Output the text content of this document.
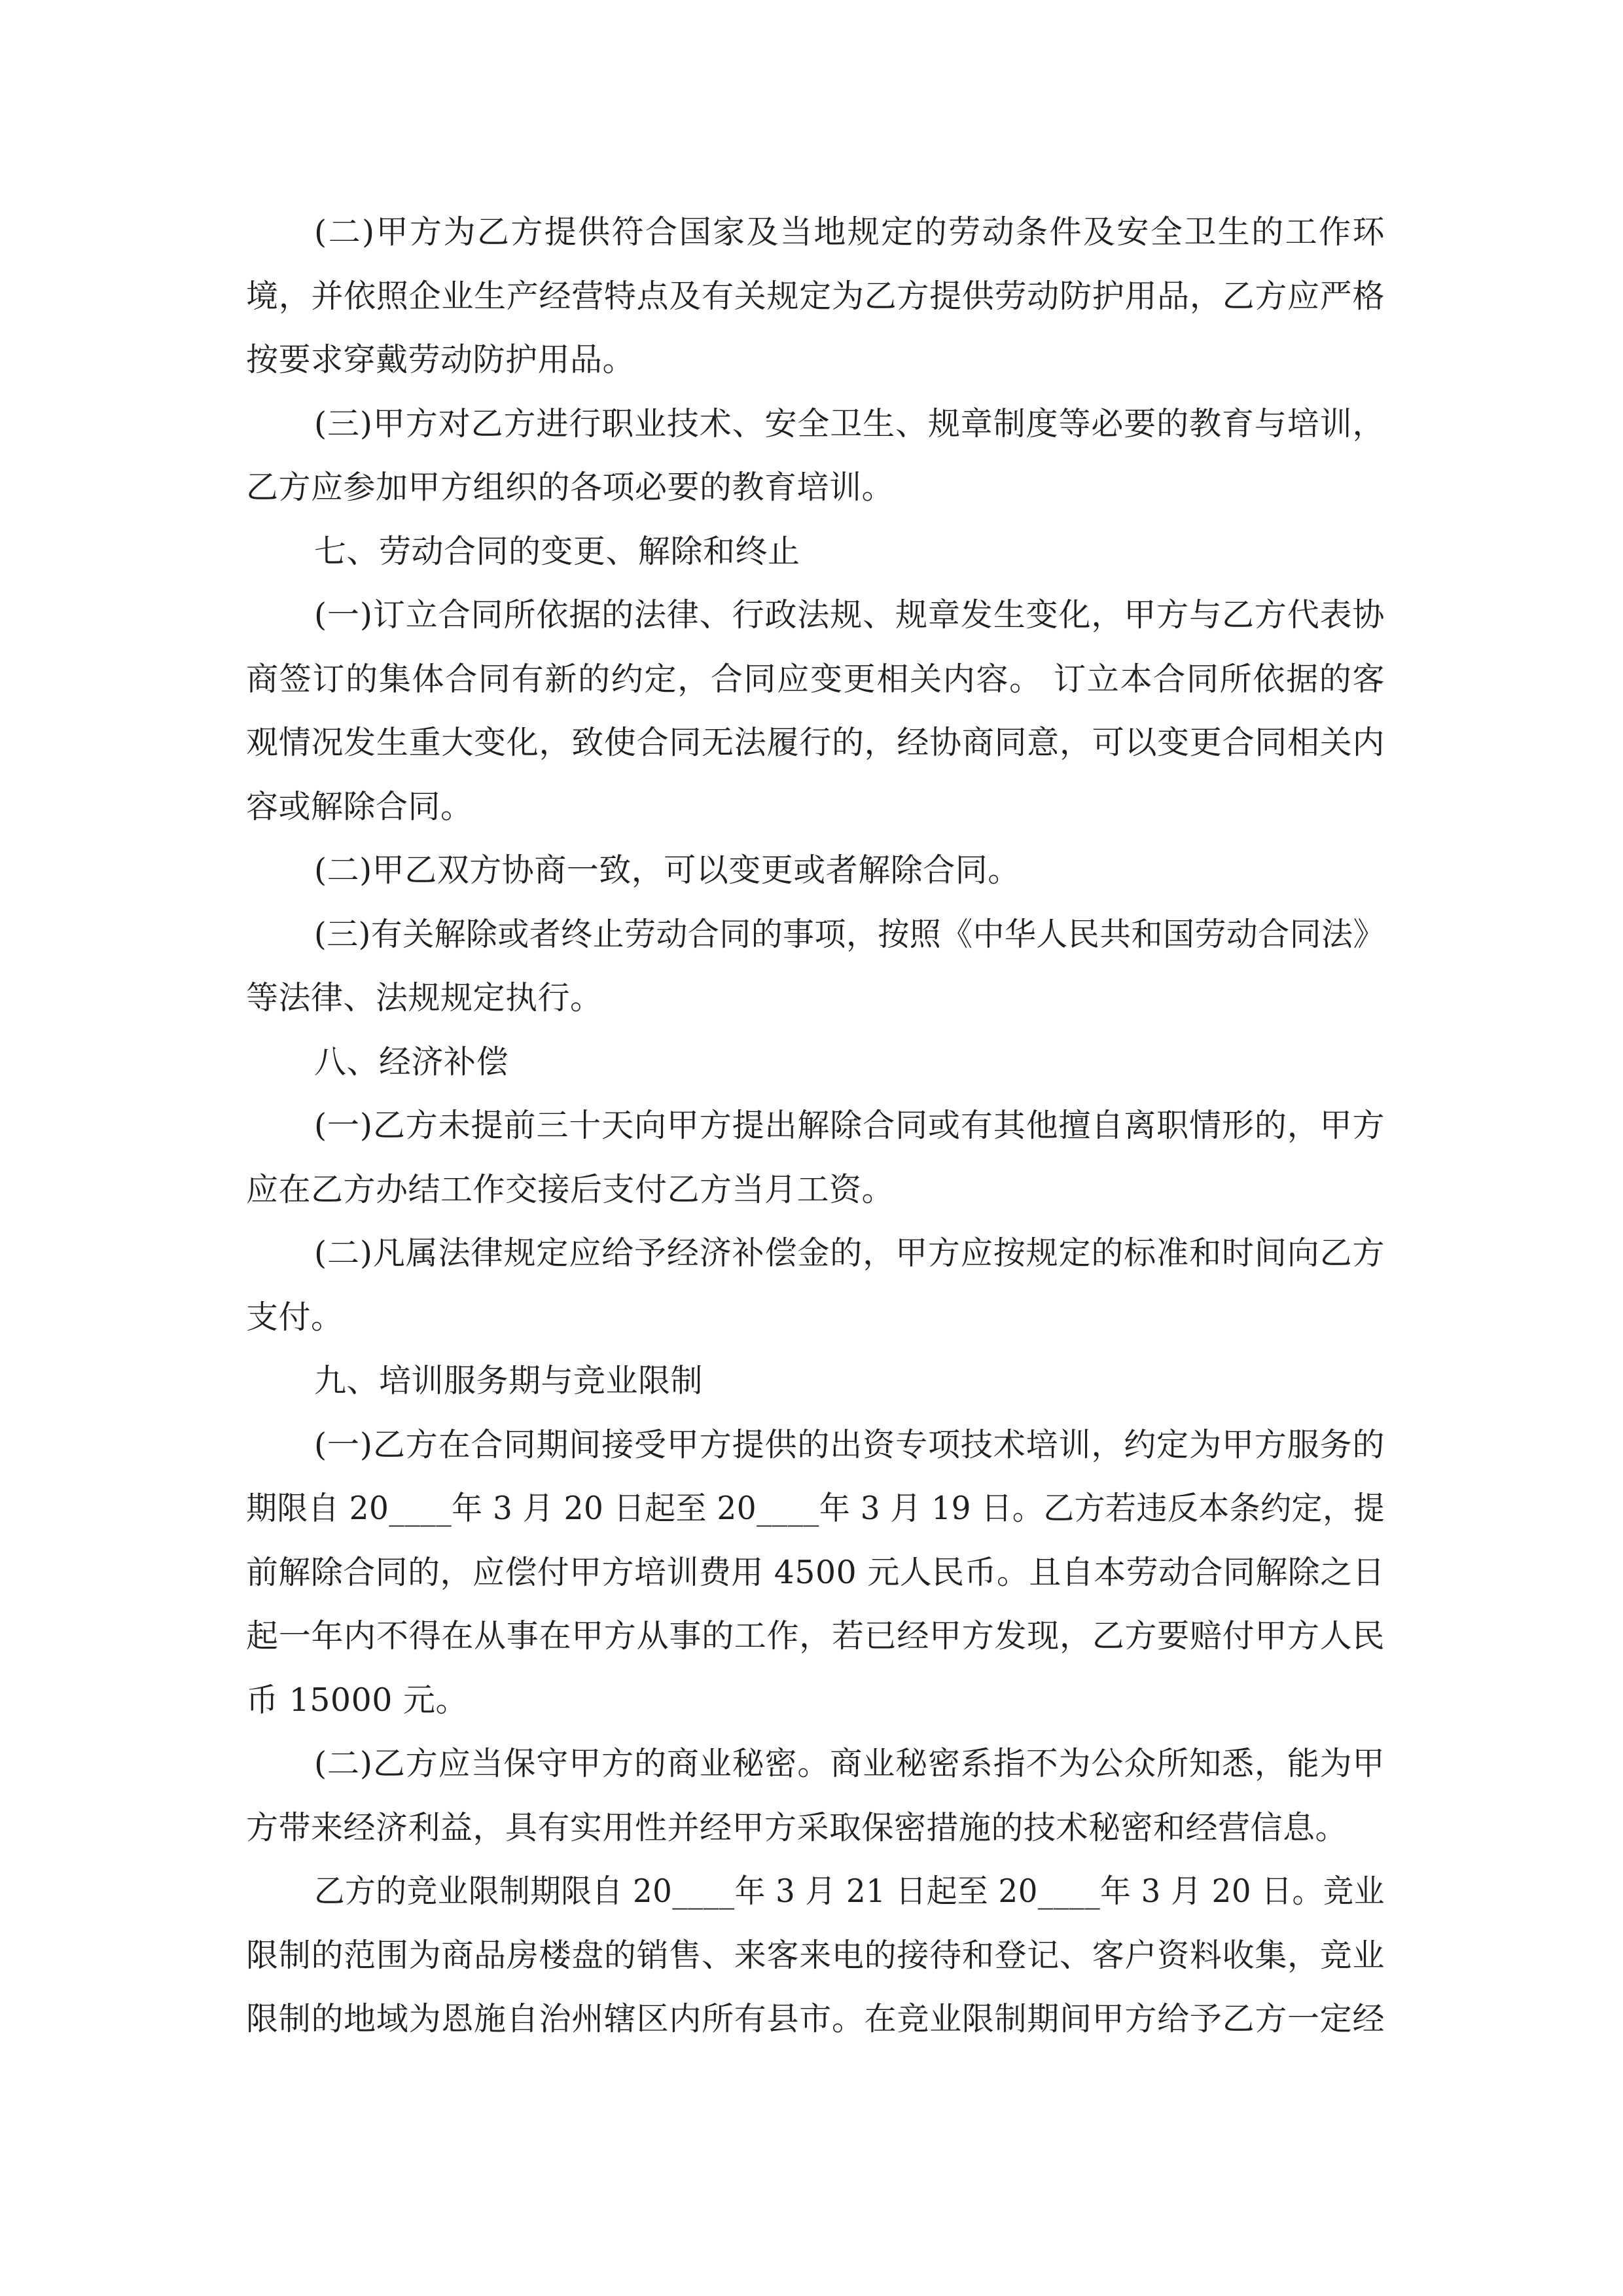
(二)甲方为乙方提供符合国家及当地规定的劳动条件及安全卫生的工作环
境，并依照企业生产经营特点及有关规定为乙方提供劳动防护用品，乙方应严格
按要求穿戴劳动防护用品。
(三)甲方对乙方进行职业技术、安全卫生、规章制度等必要的教育与培训，
乙方应参加甲方组织的各项必要的教育培训。
七、劳动合同的变更、解除和终止
(一)订立合同所依据的法律、行政法规、规章发生变化，甲方与乙方代表协
商签订的集体合同有新的约定，合同应变更相关内容。 订立本合同所依据的客
观情况发生重大变化，致使合同无法履行的，经协商同意，可以变更合同相关内
容或解除合同。
(二)甲乙双方协商一致，可以变更或者解除合同。
(三)有关解除或者终止劳动合同的事项，按照《中华人民共和国劳动合同法》
等法律、法规规定执行。
八、经济补偿
(一)乙方未提前三十天向甲方提出解除合同或有其他擅自离职情形的，甲方
应在乙方办结工作交接后支付乙方当月工资。
(二)凡属法律规定应给予经济补偿金的，甲方应按规定的标准和时间向乙方
支付。
九、培训服务期与竞业限制
(一)乙方在合同期间接受甲方提供的出资专项技术培训，约定为甲方服务的
期限自 20____年 3 月 20 日起至 20____年 3 月 19 日。乙方若违反本条约定，提
前解除合同的，应偿付甲方培训费用 4500 元人民币。且自本劳动合同解除之日
起一年内不得在从事在甲方从事的工作，若已经甲方发现，乙方要赔付甲方人民
币 15000 元。
(二)乙方应当保守甲方的商业秘密。商业秘密系指不为公众所知悉，能为甲
方带来经济利益，具有实用性并经甲方采取保密措施的技术秘密和经营信息。
乙方的竞业限制期限自 20____年 3 月 21 日起至 20____年 3 月 20 日。竞业
限制的范围为商品房楼盘的销售、来客来电的接待和登记、客户资料收集，竞业
限制的地域为恩施自治州辖区内所有县市。在竞业限制期间甲方给予乙方一定经
